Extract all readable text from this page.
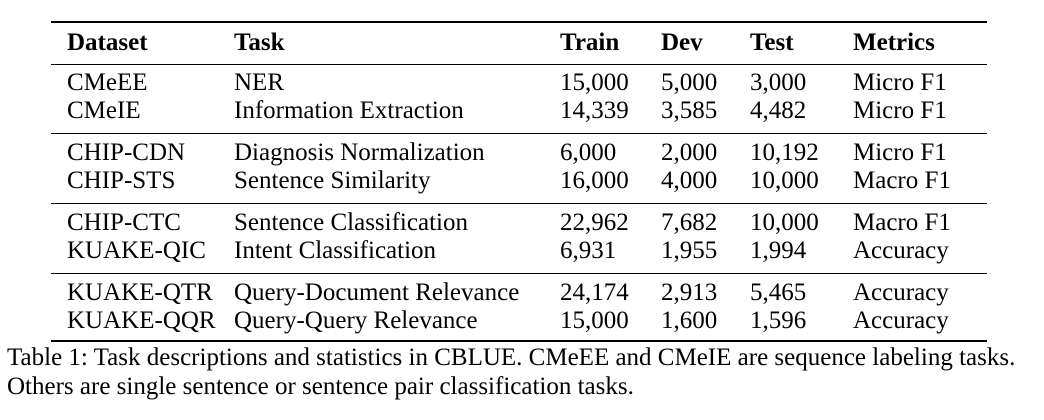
Dataset	Task	Train	Dev	Test	Metrics
CMeEE	NER	15,000	5,000	3,000	Micro F1
CMeIE	Information Extraction	14,339	3,585	4,482	Micro F1
CHIP-CDN	Diagnosis Normalization	6,000	2,000	10,192	Micro F1
CHIP-STS	Sentence Similarity	16,000	4,000	10,000	Macro F1
CHIP-CTC	Sentence Classification	22,962	7,682	10,000	Macro F1
KUAKE-QIC	Intent Classification	6,931	1,955	1,994	Accuracy
KUAKE-QTR	Query-Document Relevance	24,174	2,913	5,465	Accuracy
KUAKE-QQR	Query-Query Relevance	15,000	1,600	1,596	Accuracy
Table 1: Task descriptions and statistics in CBLUE. CMeEE and CMeIE are sequence labeling tasks.
Others are single sentence or sentence pair classification tasks.
